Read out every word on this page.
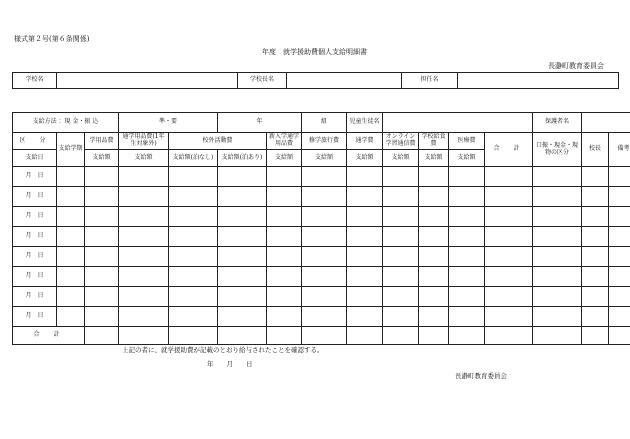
様式第２号(第６条関係)
年度　就学援助費個人支給明細書
長瀞町教育委員会
学校名		学校長名		担任名	
支給方法 ：現 金・振 込			準・要		年		組	児童生徒名					保護者名		
区　分	支給学期	学用品費	通学用品費(1年生対象外)	校外活動費		新入学通学用品費	修学旅行費	通学費	オンライン学習通信費	学校給食費	医療費	合　計	口振・現金・現物の区分	校長	備考
支給日		支給額	支給額	支給額(泊なし)	支給額(泊あり)	支給額	支給額	支給額	支給額	支給額	支給額				
月　日															
月　日															
月　日															
月　日															
月　日															
月　日															
月　日															
月　日															
合　計															
上記の者に、就学援助費が記載のとおり給与されたことを確認する。
年　　月　　日
長瀞町教育委員会
